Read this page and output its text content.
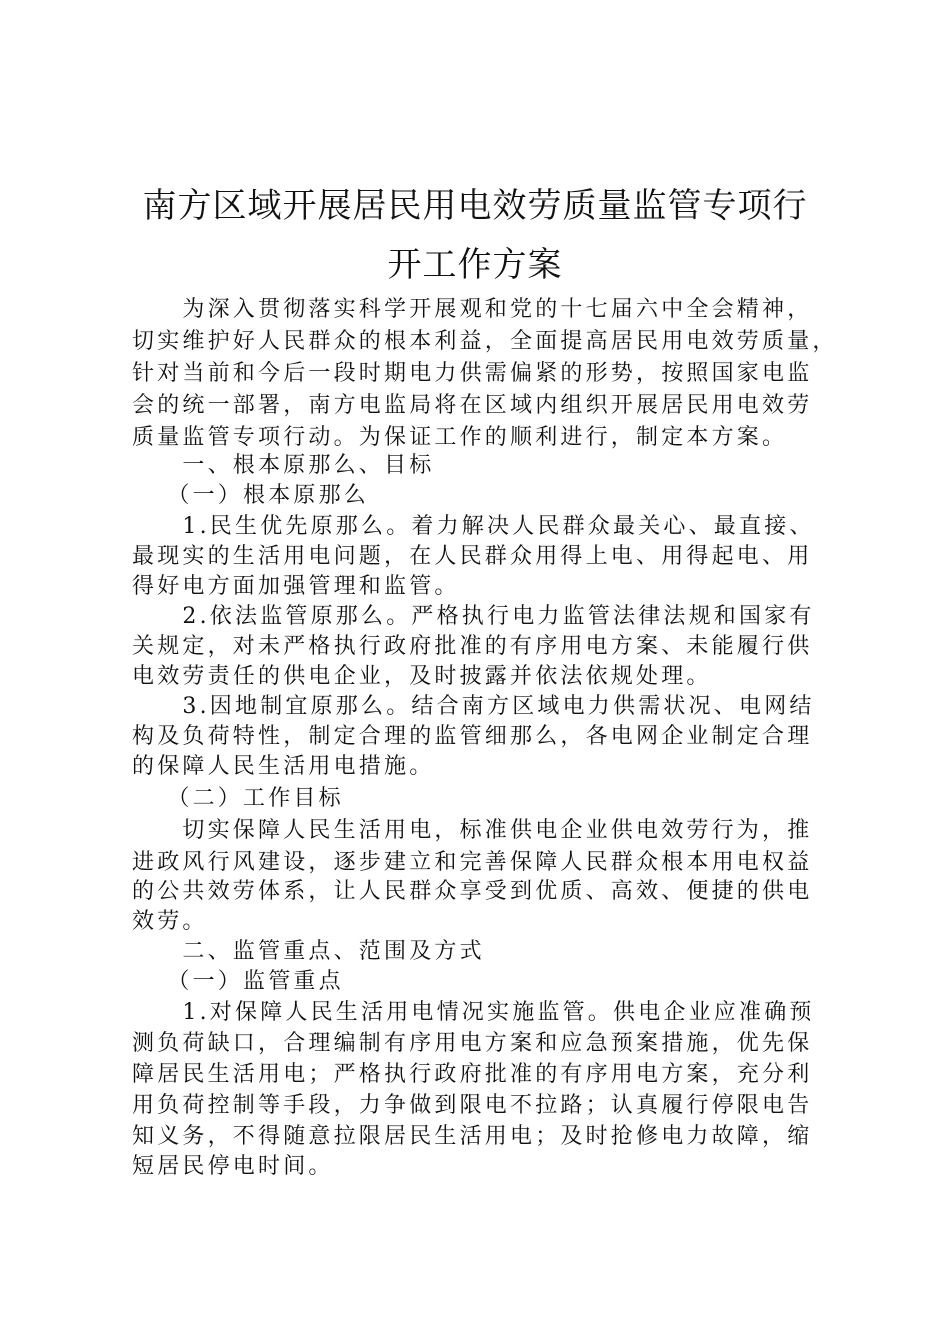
南方区域开展居民用电效劳质量监管专项行
开工作方案
　　为深入贯彻落实科学开展观和党的十七届六中全会精神，
切实维护好人民群众的根本利益，全面提高居民用电效劳质量，
针对当前和今后一段时期电力供需偏紧的形势，按照国家电监
会的统一部署，南方电监局将在区域内组织开展居民用电效劳
质量监管专项行动。为保证工作的顺利进行，制定本方案。
　　一、根本原那么、目标
　 （一）根本原那么
　　1.民生优先原那么。着力解决人民群众最关心、最直接、
最现实的生活用电问题，在人民群众用得上电、用得起电、用
得好电方面加强管理和监管。
　　2.依法监管原那么。严格执行电力监管法律法规和国家有
关规定，对未严格执行政府批准的有序用电方案、未能履行供
电效劳责任的供电企业，及时披露并依法依规处理。
　　3.因地制宜原那么。结合南方区域电力供需状况、电网结
构及负荷特性，制定合理的监管细那么，各电网企业制定合理
的保障人民生活用电措施。
　 （二）工作目标
　　切实保障人民生活用电，标准供电企业供电效劳行为，推
进政风行风建设，逐步建立和完善保障人民群众根本用电权益
的公共效劳体系，让人民群众享受到优质、高效、便捷的供电
效劳。
　　二、监管重点、范围及方式
　 （一）监管重点
　　1.对保障人民生活用电情况实施监管。供电企业应准确预
测负荷缺口，合理编制有序用电方案和应急预案措施，优先保
障居民生活用电；严格执行政府批准的有序用电方案，充分利
用负荷控制等手段，力争做到限电不拉路；认真履行停限电告
知义务，不得随意拉限居民生活用电；及时抢修电力故障，缩
短居民停电时间。
